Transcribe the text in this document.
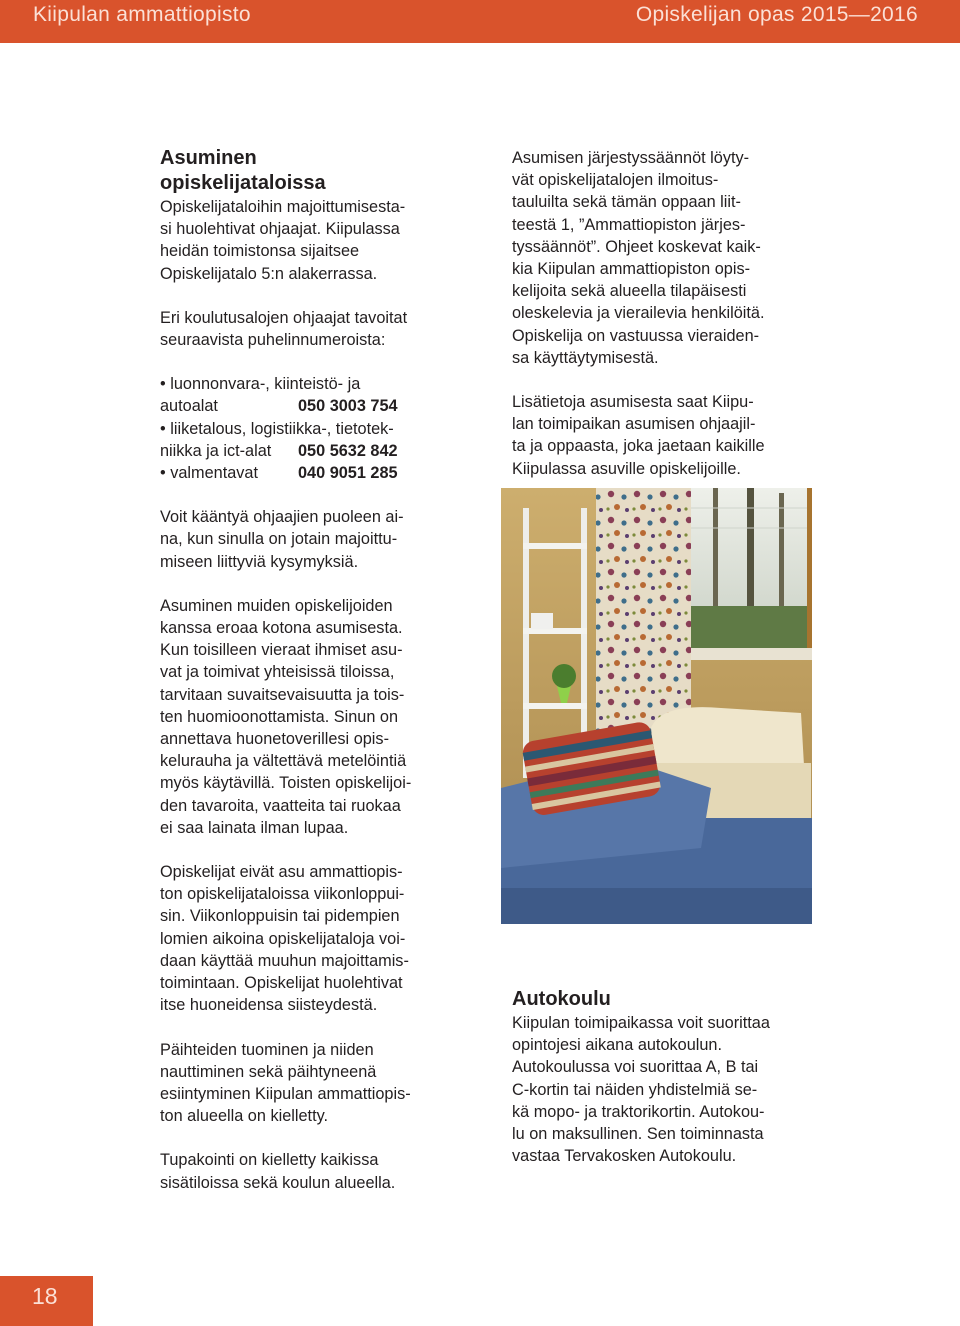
Kiipulan ammattiopisto	Opiskelijan opas 2015—2016
Asuminen
opiskelijataloissa

Opiskelijataloihin majoittumisesta-

si huolehtivat ohjaajat. Kiipulassa

heidän toimistonsa sijaitsee

Opiskelijatalo 5:n alakerrassa.

Eri koulutusalojen ohjaajat tavoitat

seuraavista puhelinnumeroista:

• luonnonvara-, kiinteistö- ja

autoalat	050 3003 754

• liiketalous, logistiikka-, tietotek-

niikka ja ict-alat	050 5632 842
• valmentavat	040 9051 285

Voit kääntyä ohjaajien puoleen ai-

na, kun sinulla on jotain majoittu-

miseen liittyviä kysymyksiä.

Asuminen muiden opiskelijoiden

kanssa eroaa kotona asumisesta.

Kun toisilleen vieraat ihmiset asu-

vat ja toimivat yhteisissä tiloissa,

tarvitaan suvaitsevaisuutta ja tois-

ten huomioonottamista. Sinun on

annettava huonetoverillesi opis-

kelurauha ja vältettävä metelöintiä

myös käytävillä. Toisten opiskelijoi-

den tavaroita, vaatteita tai ruokaa

ei saa lainata ilman lupaa.

Opiskelijat eivät asu ammattiopis-

ton opiskelijataloissa viikonloppui-

sin. Viikonloppuisin tai pidempien

lomien aikoina opiskelijataloja voi-

daan käyttää muuhun majoittamis-

toimintaan. Opiskelijat huolehtivat

itse huoneidensa siisteydestä.

Päihteiden tuominen ja niiden

nauttiminen sekä päihtyneenä

esiintyminen Kiipulan ammattiopis-

ton alueella on kielletty.

Tupakointi on kielletty kaikissa

sisätiloissa sekä koulun alueella.

Asumisen järjestyssäännöt löyty-

vät opiskelijatalojen ilmoitus-

tauluilta sekä tämän oppaan liit-

teestä 1, ”Ammattiopiston järjes-

tyssäännöt”. Ohjeet koskevat kaik-

kia Kiipulan ammattiopiston opis-

kelijoita sekä alueella tilapäisesti

oleskelevia ja vierailevia henkilöitä.

Opiskelija on vastuussa vieraiden-

sa käyttäytymisestä.

Lisätietoja asumisesta saat Kiipu-

lan toimipaikan asumisen ohjaajil-

ta ja oppaasta, joka jaetaan kaikille

Kiipulassa asuville opiskelijoille.

Autokoulu

Kiipulan toimipaikassa voit suorittaa

opintojesi aikana autokoulun.

Autokoulussa voi suorittaa A, B tai

C-kortin tai näiden yhdistelmiä se-

kä mopo- ja traktorikortin. Autokou-

lu on maksullinen. Sen toiminnasta

vastaa Tervakosken Autokoulu.

18
